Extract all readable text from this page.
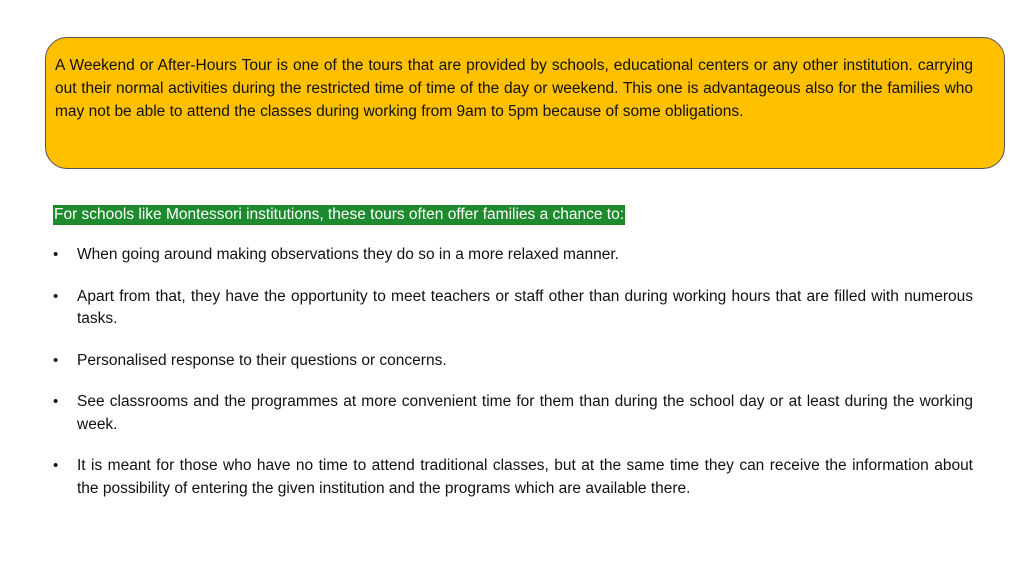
A Weekend or After-Hours Tour is one of the tours that are provided by schools, educational centers or any other institution. carrying out their normal activities during the restricted time of time of the day or weekend. This one is advantageous also for the families who may not be able to attend the classes during working from 9am to 5pm because of some obligations.

For schools like Montessori institutions, these tours often offer families a chance to:

•	When going around making observations they do so in a more relaxed manner.
•	Apart from that, they have the opportunity to meet teachers or staff other than during working hours that are filled with numerous tasks.
•	Personalised response to their questions or concerns.
•	See classrooms and the programmes at more convenient time for them than during the school day or at least during the working week.
•	It is meant for those who have no time to attend traditional classes, but at the same time they can receive the information about the possibility of entering the given institution and the programs which are available there.
